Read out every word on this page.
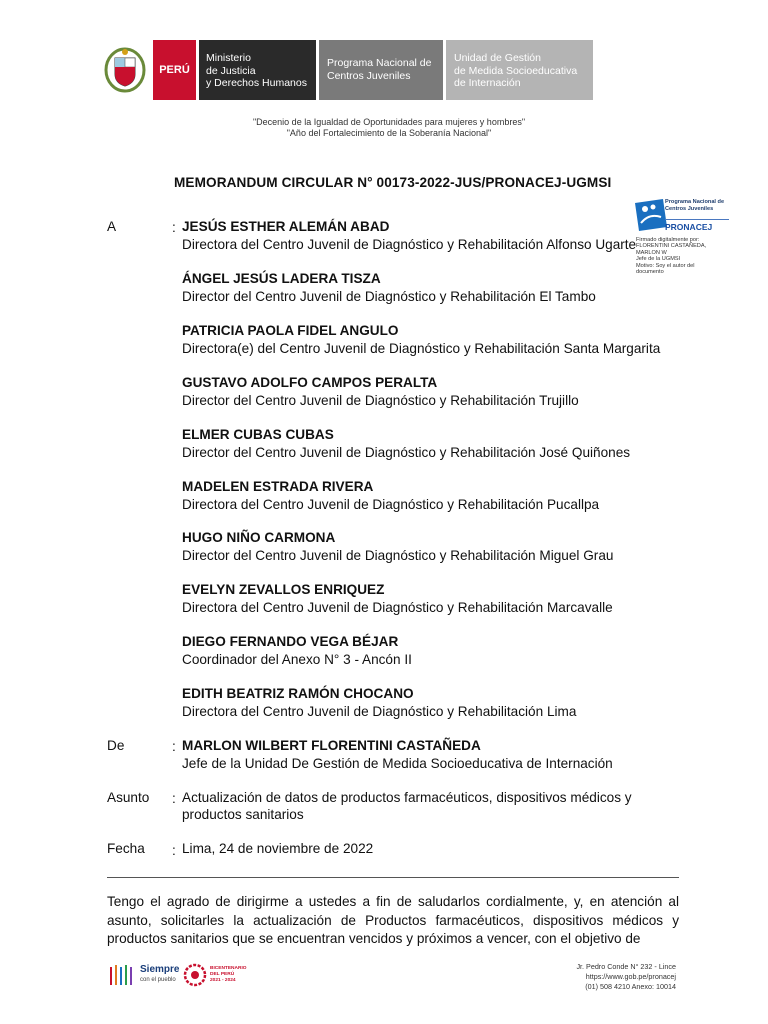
PERÚ
Ministerio
de Justicia
y Derechos Humanos
Programa Nacional de
Centros Juveniles
Unidad de Gestión
de Medida Socioeducativa
de Internación
"Decenio de la Igualdad de Oportunidades para mujeres y hombres"
"Año del Fortalecimiento de la Soberanía Nacional"
MEMORANDUM CIRCULAR N° 00173-2022-JUS/PRONACEJ-UGMSI
A	: JESÚS ESTHER ALEMÁN ABAD
Directora del Centro Juvenil de Diagnóstico y Rehabilitación Alfonso Ugarte
ÁNGEL JESÚS LADERA TISZA
Director del Centro Juvenil de Diagnóstico y Rehabilitación El Tambo
PATRICIA PAOLA FIDEL ANGULO
Directora(e) del Centro Juvenil de Diagnóstico y Rehabilitación Santa Margarita
GUSTAVO ADOLFO CAMPOS PERALTA
Director del Centro Juvenil de Diagnóstico y Rehabilitación Trujillo
ELMER CUBAS CUBAS
Director del Centro Juvenil de Diagnóstico y Rehabilitación José Quiñones
MADELEN ESTRADA RIVERA
Directora del Centro Juvenil de Diagnóstico y Rehabilitación Pucallpa
HUGO NIÑO CARMONA
Director del Centro Juvenil de Diagnóstico y Rehabilitación Miguel Grau
EVELYN ZEVALLOS ENRIQUEZ
Directora del Centro Juvenil de Diagnóstico y Rehabilitación Marcavalle
DIEGO FERNANDO VEGA BÉJAR
Coordinador del Anexo N° 3 - Ancón II
EDITH BEATRIZ RAMÓN CHOCANO
Directora del Centro Juvenil de Diagnóstico y Rehabilitación Lima
Programa Nacional de
Centros Juveniles
PRONACEJ
Firmado digitalmente por:
FLORENTINI CASTAÑEDA,
MARLON W
Jefe de la UGMSI
Motivo: Soy el autor del
documento
De	: MARLON WILBERT FLORENTINI CASTAÑEDA
Jefe de la Unidad De Gestión de Medida Socioeducativa de Internación
Asunto : Actualización de datos de productos farmacéuticos, dispositivos médicos y productos sanitarios
Fecha : Lima, 24 de noviembre de 2022
Tengo el agrado de dirigirme a ustedes a fin de saludarlos cordialmente, y, en atención al asunto, solicitarles la actualización de Productos farmacéuticos, dispositivos médicos y productos sanitarios que se encuentran vencidos y próximos a vencer, con el objetivo de
Siempre
con el pueblo
BICENTENARIO
DEL PERÚ
2021 - 2024
Jr. Pedro Conde N° 232 - Lince
https://www.gob.pe/pronacej
(01) 508 4210 Anexo: 10014
